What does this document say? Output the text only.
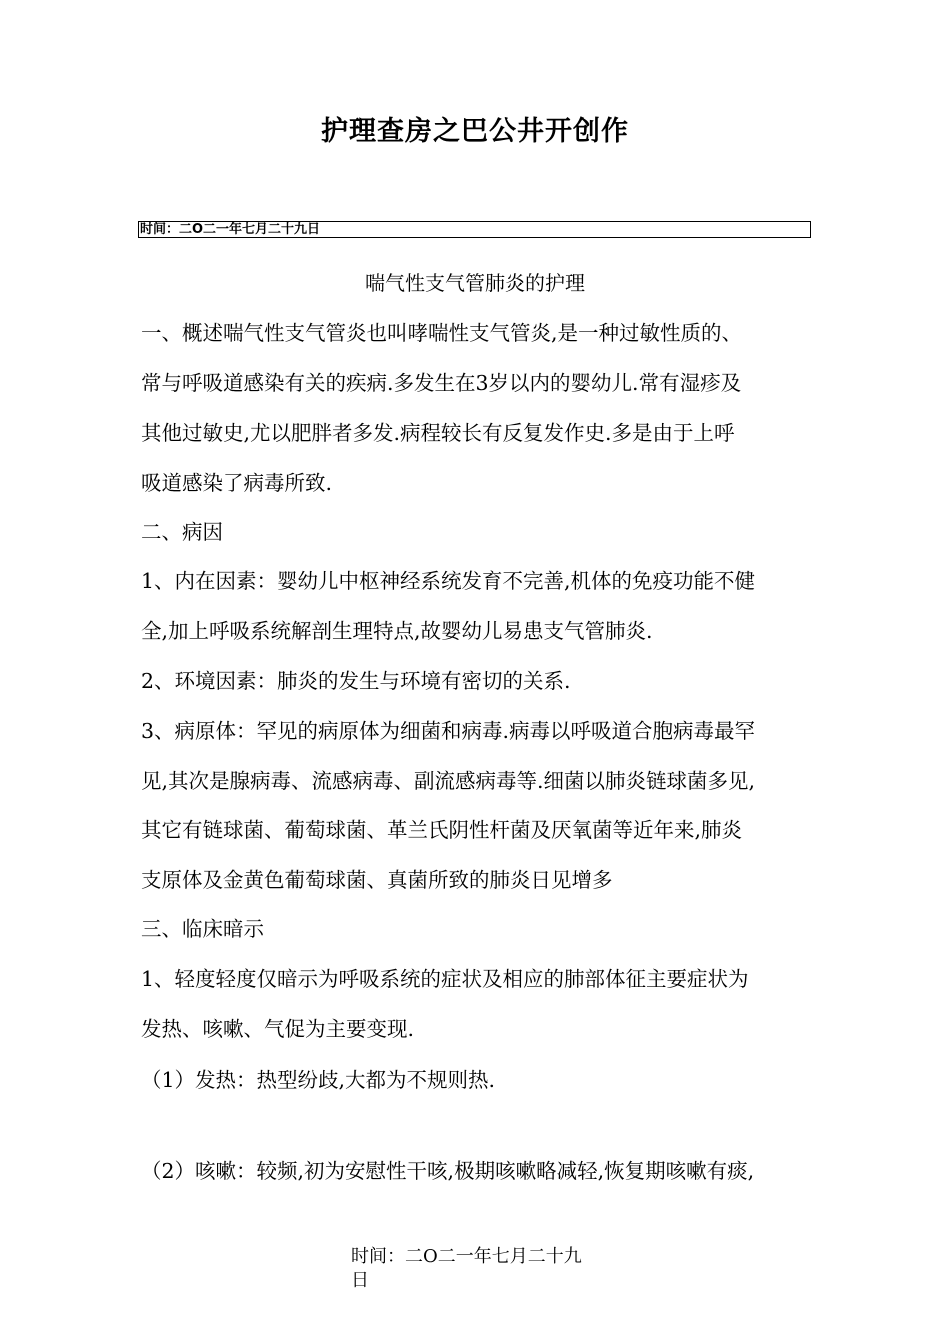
护理查房之巴公井开创作
时间：二O二一年七月二十九日
喘气性支气管肺炎的护理
一、概述喘气性支气管炎也叫哮喘性支气管炎,是一种过敏性质的、
常与呼吸道感染有关的疾病.多发生在3岁以内的婴幼儿.常有湿疹及
其他过敏史,尤以肥胖者多发.病程较长有反复发作史.多是由于上呼
吸道感染了病毒所致.
二、病因
1、内在因素：婴幼儿中枢神经系统发育不完善,机体的免疫功能不健
全,加上呼吸系统解剖生理特点,故婴幼儿易患支气管肺炎.
2、环境因素：肺炎的发生与环境有密切的关系.
3、病原体：罕见的病原体为细菌和病毒.病毒以呼吸道合胞病毒最罕
见,其次是腺病毒、流感病毒、副流感病毒等.细菌以肺炎链球菌多见,
其它有链球菌、葡萄球菌、革兰氏阴性杆菌及厌氧菌等近年来,肺炎
支原体及金黄色葡萄球菌、真菌所致的肺炎日见增多
三、临床暗示
1、轻度轻度仅暗示为呼吸系统的症状及相应的肺部体征主要症状为
发热、咳嗽、气促为主要变现.
（1）发热：热型纷歧,大都为不规则热.
（2）咳嗽：较频,初为安慰性干咳,极期咳嗽略减轻,恢复期咳嗽有痰,
时间：二O二一年七月二十九
日
